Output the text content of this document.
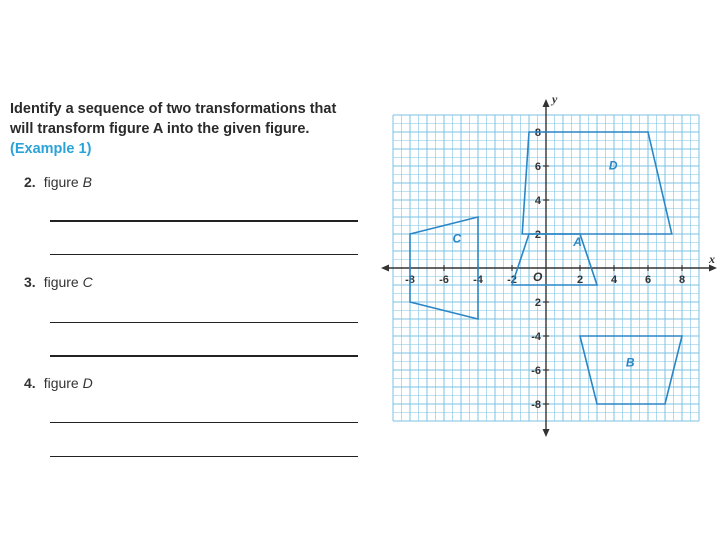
Identify a sequence of two transformations that will transform figure A into the given figure. (Example 1)
2. figure B
3. figure C
4. figure D
x
y
O
-8 -6 -4 -2	2	4	6	8
8
6
4
2
2
-4
-6
-8
A
B
C
D
